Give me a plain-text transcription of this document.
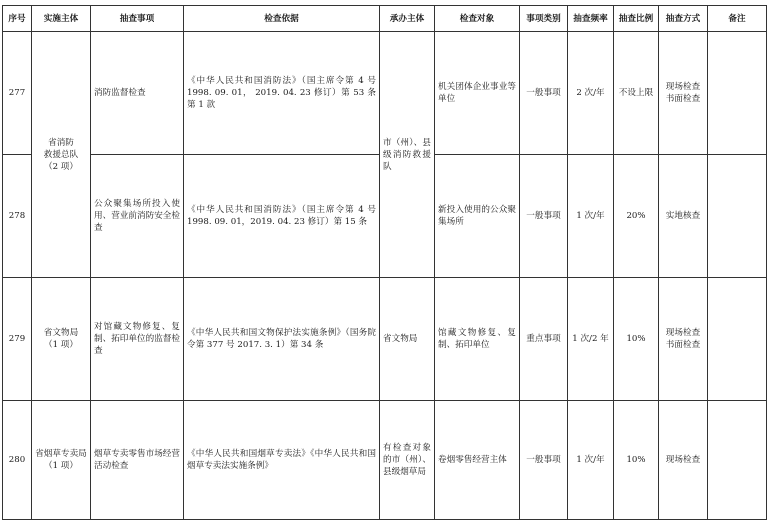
序号	实施主体	抽查事项	检查依据	承办主体	检查对象	事项类别	抽查频率	抽查比例	抽查方式	备注
277	省消防
救援总队
（2 项）	消防监督检查	《中华人民共和国消防法》（国主席令第 4 号 1998. 09. 01， 2019. 04. 23 修订）第 53 条第 1 款	市（州）、县级消防救援队	机关团体企业事业等单位	一般事项	2 次/年	不设上限	现场检查
书面检查	
278		公众聚集场所投入使用、营业前消防安全检查	《中华人民共和国消防法》（国主席令第 4 号 1998. 09. 01，2019. 04. 23 修订）第 15 条		新投入使用的公众聚集场所	一般事项	1 次/年	20%	实地核查	
279	省文物局
（1 项）	对馆藏文物修复、复制、拓印单位的监督检查	《中华人民共和国文物保护法实施条例》（国务院令第 377 号 2017. 3. 1）第 34 条	省文物局	馆藏文物修复、复制、拓印单位	重点事项	1 次/2 年	10%	现场检查
书面检查	
280	省烟草专卖局
（1 项）	烟草专卖零售市场经营活动检查	《中华人民共和国烟草专卖法》《中华人民共和国烟草专卖法实施条例》	有检查对象的市（州）、县级烟草局	卷烟零售经营主体	一般事项	1 次/年	10%	现场检查	
